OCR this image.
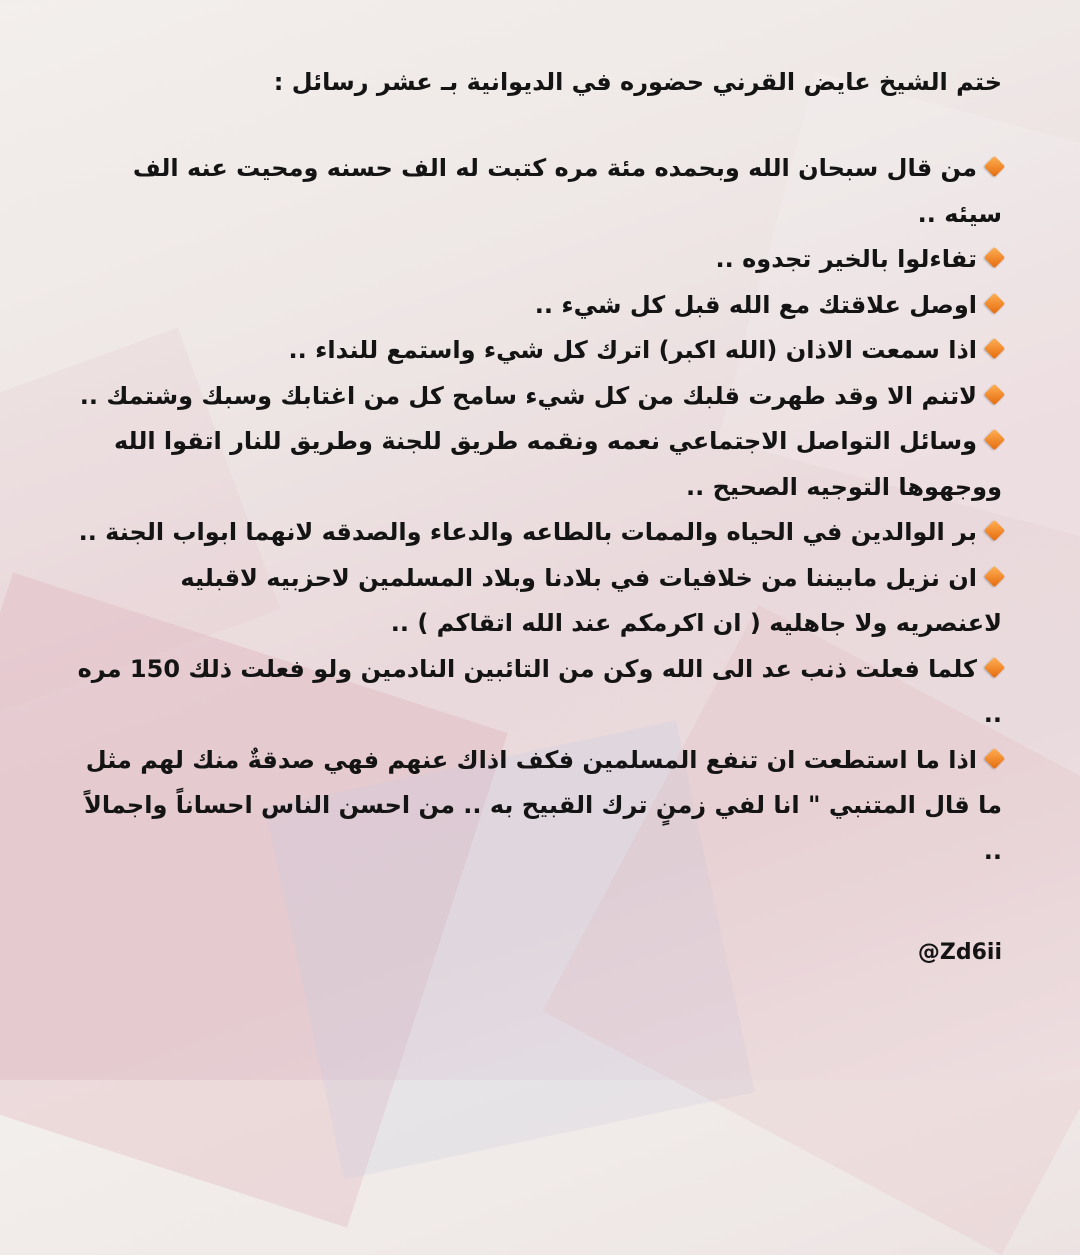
ختم الشيخ عايض القرني حضوره في الديوانية بـ عشر رسائل :
من قال سبحان الله وبحمده مئة مره كتبت له الف حسنه ومحيت عنه الف سيئه ..
تفاءلوا بالخير تجدوه ..
اوصل علاقتك مع الله قبل كل شيء ..
اذا سمعت الاذان (الله اكبر) اترك كل شيء واستمع للنداء ..
لاتنم الا وقد طهرت قلبك من كل شيء سامح كل من اغتابك وسبك وشتمك ..
وسائل التواصل الاجتماعي نعمه ونقمه طريق للجنة وطريق للنار اتقوا الله ووجهوها التوجيه الصحيح ..
بر الوالدين في الحياه والممات بالطاعه والدعاء والصدقه لانهما ابواب الجنة ..
ان نزيل مابيننا من خلافيات في بلادنا وبلاد المسلمين لاحزبيه لاقبليه لاعنصريه ولا جاهليه ( ان اكرمكم عند الله اتقاكم ) ..
كلما فعلت ذنب عد الى الله وكن من التائبين النادمين ولو فعلت ذلك 150 مره ..
اذا ما استطعت ان تنفع المسلمين فكف اذاك عنهم فهي صدقةٌ منك لهم مثل ما قال المتنبي " انا لفي زمنٍ ترك القبيح به .. من احسن الناس احساناً واجمالاً ..
@Zd6ii
